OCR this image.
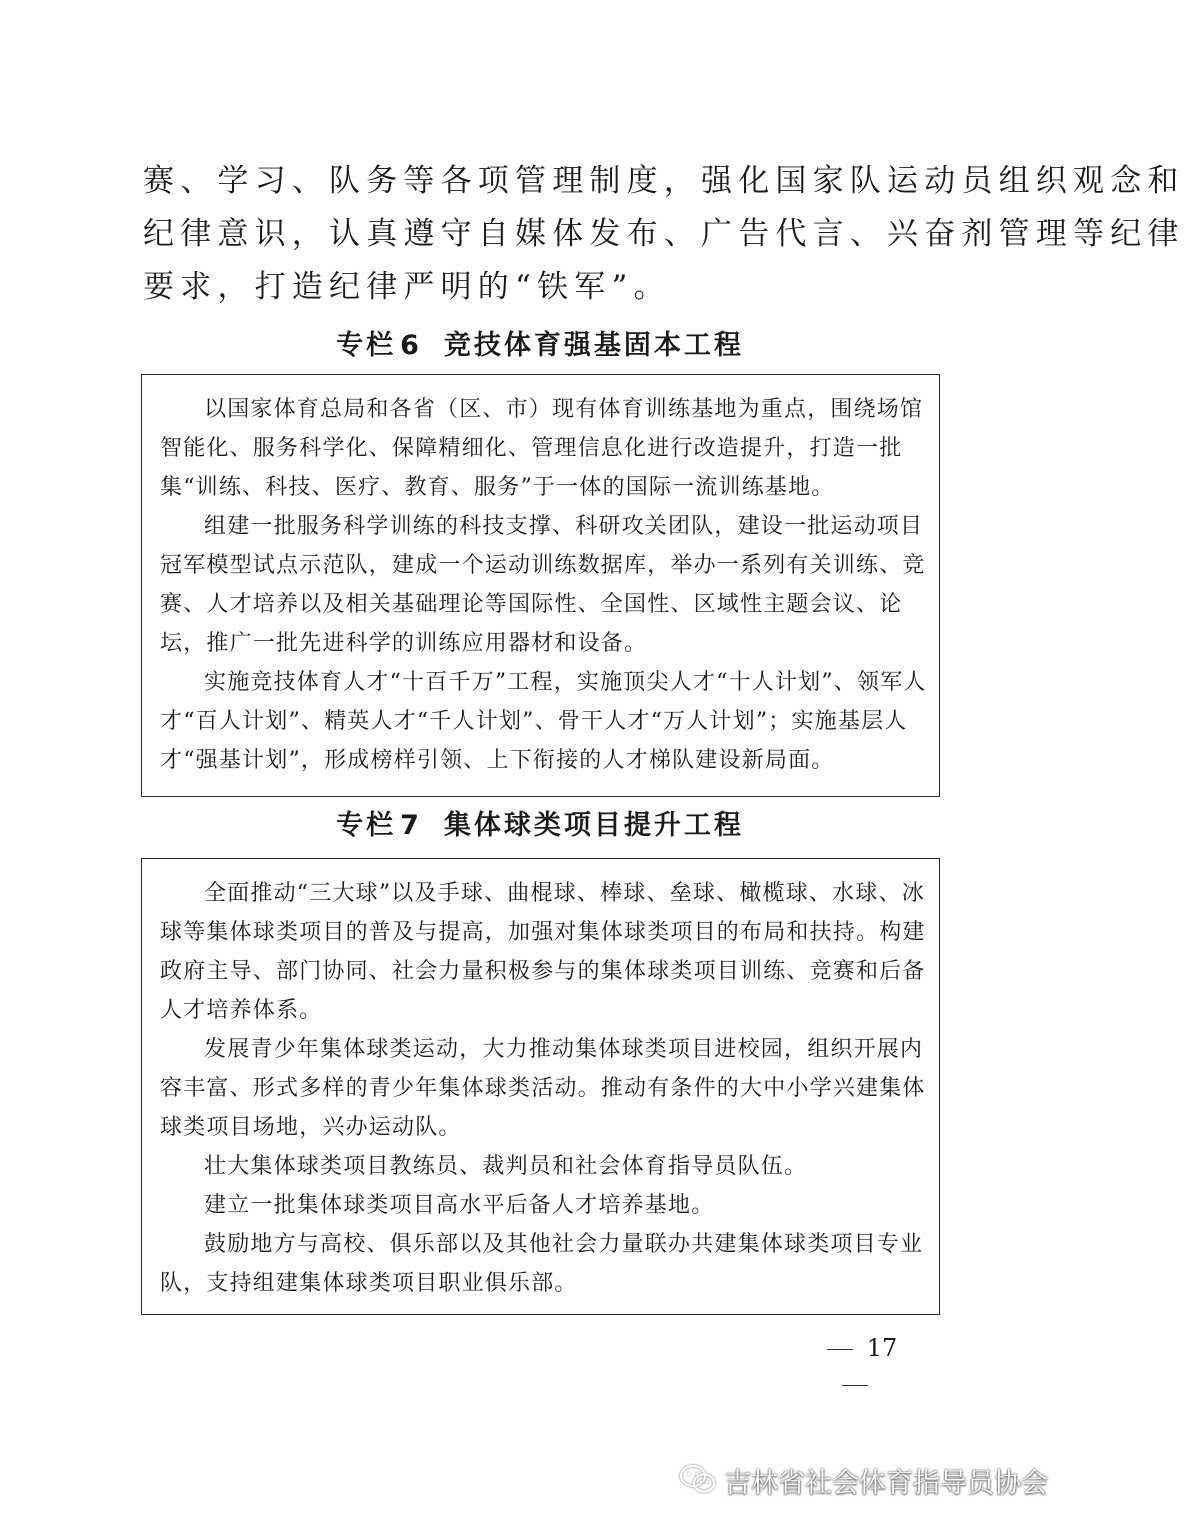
赛、学习、队务等各项管理制度，强化国家队运动员组织观念和
纪律意识，认真遵守自媒体发布、广告代言、兴奋剂管理等纪律
要求，打造纪律严明的“铁军”。
专栏 6 竞技体育强基固本工程

以国家体育总局和各省（区、市）现有体育训练基地为重点，围绕场馆智能化、服务科学化、保障精细化、管理信息化进行改造提升，打造一批集“训练、科技、医疗、教育、服务”于一体的国际一流训练基地。

组建一批服务科学训练的科技支撑、科研攻关团队，建设一批运动项目冠军模型试点示范队，建成一个运动训练数据库，举办一系列有关训练、竞赛、人才培养以及相关基础理论等国际性、全国性、区域性主题会议、论坛，推广一批先进科学的训练应用器材和设备。

实施竞技体育人才“十百千万”工程，实施顶尖人才“十人计划”、领军人才“百人计划”、精英人才“千人计划”、骨干人才“万人计划”；实施基层人才“强基计划”，形成榜样引领、上下衔接的人才梯队建设新局面。

专栏 7 集体球类项目提升工程

全面推动“三大球”以及手球、曲棍球、棒球、垒球、橄榄球、水球、冰球等集体球类项目的普及与提高，加强对集体球类项目的布局和扶持。构建政府主导、部门协同、社会力量积极参与的集体球类项目训练、竞赛和后备人才培养体系。

发展青少年集体球类运动，大力推动集体球类项目进校园，组织开展内容丰富、形式多样的青少年集体球类活动。推动有条件的大中小学兴建集体球类项目场地，兴办运动队。

壮大集体球类项目教练员、裁判员和社会体育指导员队伍。

建立一批集体球类项目高水平后备人才培养基地。

鼓励地方与高校、俱乐部以及其他社会力量联办共建集体球类项目专业队，支持组建集体球类项目职业俱乐部。

17
吉林省社会体育指导员协会
